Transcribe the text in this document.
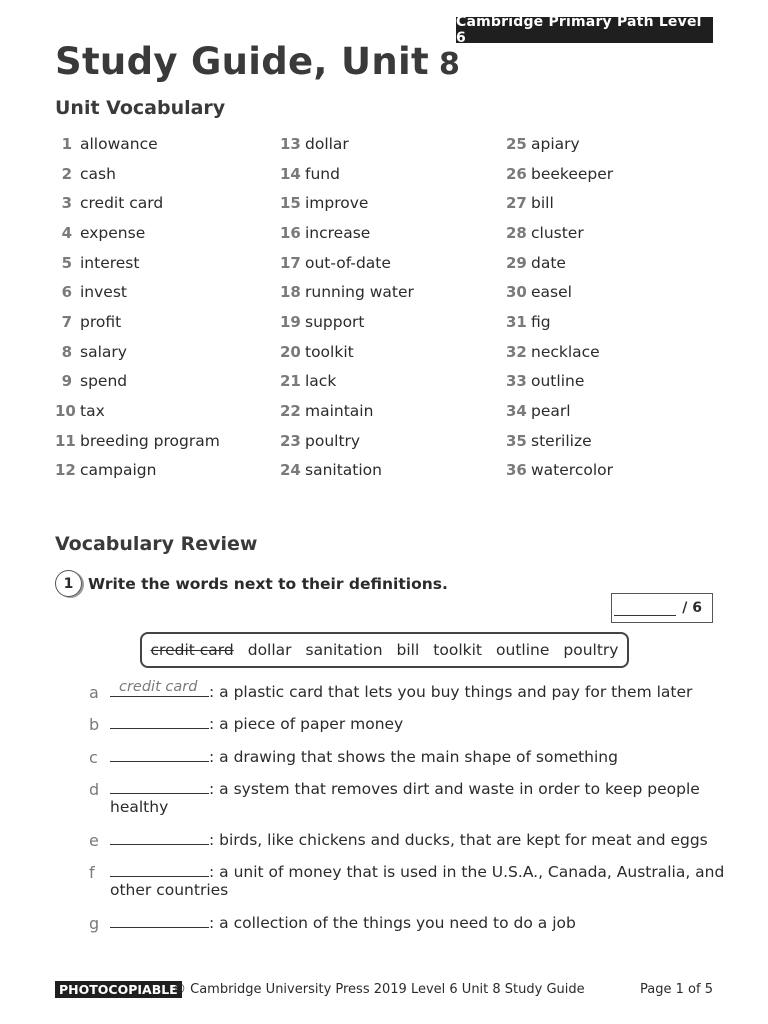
Cambridge Primary Path Level 6
Study Guide, Unit 8
Unit Vocabulary
1 allowance
2 cash
3 credit card
4 expense
5 interest
6 invest
7 profit
8 salary
9 spend
10 tax
11 breeding program
12 campaign
13 dollar
14 fund
15 improve
16 increase
17 out-of-date
18 running water
19 support
20 toolkit
21 lack
22 maintain
23 poultry
24 sanitation
25 apiary
26 beekeeper
27 bill
28 cluster
29 date
30 easel
31 fig
32 necklace
33 outline
34 pearl
35 sterilize
36 watercolor
Vocabulary Review
1 Write the words next to their definitions.
/ 6
credit card dollar sanitation bill toolkit outline poultry
a credit card : a plastic card that lets you buy things and pay for them later
b	: a piece of paper money
c	: a drawing that shows the main shape of something
d	: a system that removes dirt and waste in order to keep people healthy
e	: birds, like chickens and ducks, that are kept for meat and eggs
f	: a unit of money that is used in the U.S.A., Canada, Australia, and other countries
g	: a collection of the things you need to do a job
PHOTOCOPIABLE
© Cambridge University Press 2019 Level 6 Unit 8 Study Guide	Page 1 of 5
